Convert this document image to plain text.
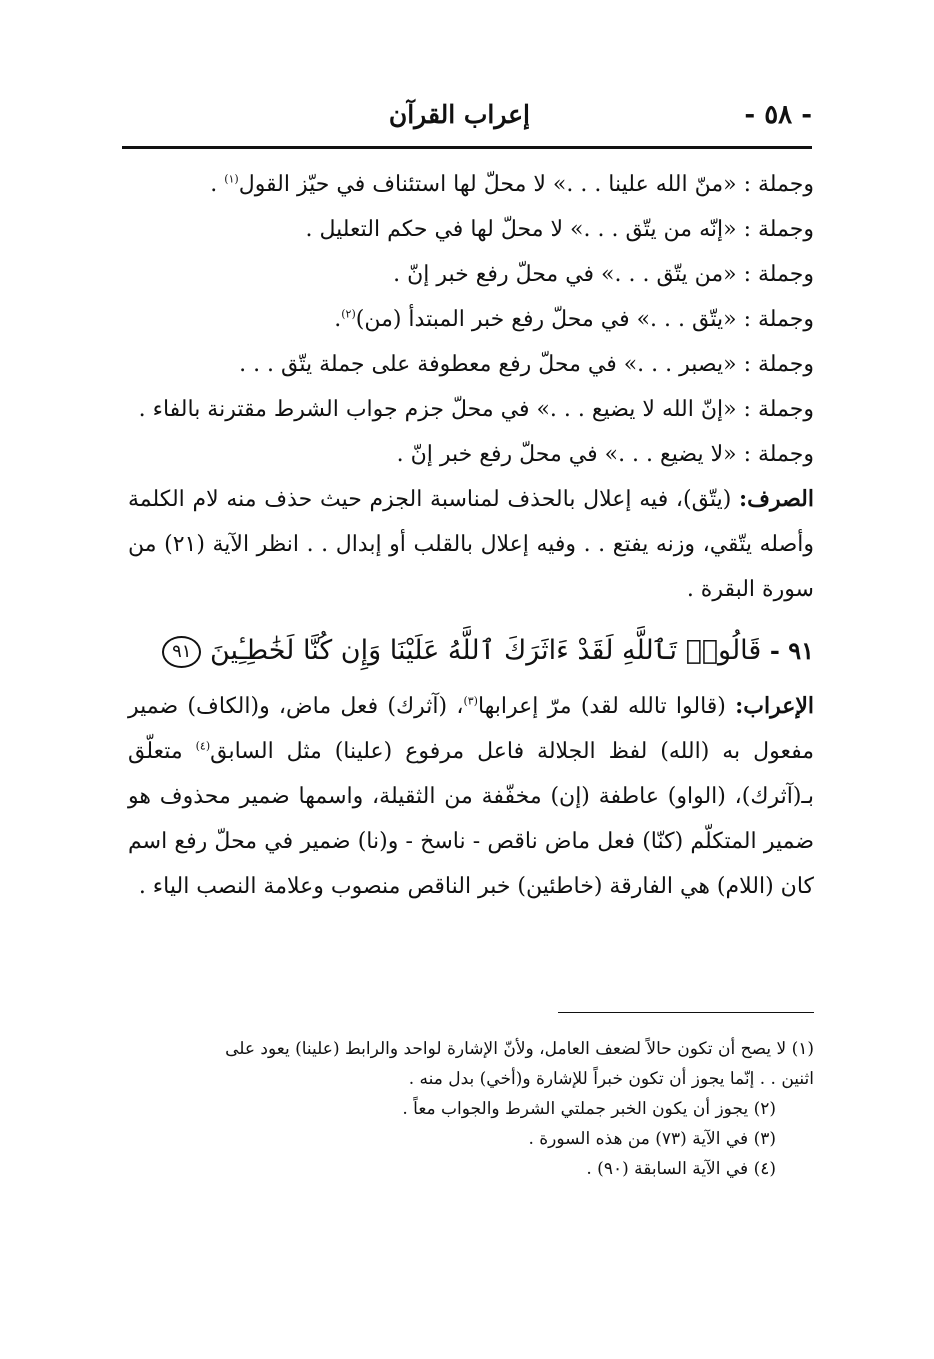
- ٥٨ -
إعراب القرآن
وجملة : «منّ الله علينا . . .» لا محلّ لها استئناف في حيّز القول$^{(١)}$ .
وجملة : «إنّه من يتّق . . .» لا محلّ لها في حكم التعليل .
وجملة : «من يتّق . . .» في محلّ رفع خبر إنّ .
وجملة : «يتّق . . .» في محلّ رفع خبر المبتدأ (من)$^{(٢)}$.
وجملة : «يصبر . . .» في محلّ رفع معطوفة على جملة يتّق . . .
وجملة : «إنّ الله لا يضيع . . .» في محلّ جزم جواب الشرط مقترنة بالفاء .
وجملة : «لا يضيع . . .» في محلّ رفع خبر إنّ .
الصرف: (يتّق)، فيه إعلال بالحذف لمناسبة الجزم حيث حذف منه لام الكلمة وأصله يتّقي، وزنه يفتع . . وفيه إعلال بالقلب أو إبدال . . انظر الآية (٢١) من سورة البقرة .
٩١ - قَالُوا۟ تَٱللَّهِ لَقَدْ ءَاثَرَكَ ٱللَّهُ عَلَيْنَا وَإِن كُنَّا لَخَٰطِـِٔينَ ٩١
الإعراب: (قالوا تالله لقد) مرّ إعرابها$^{(٣)}$، (آثرك) فعل ماض، و(الكاف) ضمير مفعول به (الله) لفظ الجلالة فاعل مرفوع (علينا) مثل السابق$^{(٤)}$ متعلّق بـ(آثرك)، (الواو) عاطفة (إن) مخفّفة من الثقيلة، واسمها ضمير محذوف هو ضمير المتكلّم (كنّا) فعل ماض ناقص - ناسخ - و(نا) ضمير في محلّ رفع اسم كان (اللام) هي الفارقة (خاطئين) خبر الناقص منصوب وعلامة النصب الياء .
(١) لا يصح أن تكون حالاً لضعف العامل، ولأنّ الإشارة لواحد والرابط (علينا) يعود على
اثنين . . إنّما يجوز أن تكون خبراً للإشارة و(أخي) بدل منه .
(٢) يجوز أن يكون الخبر جملتي الشرط والجواب معاً .
(٣) في الآية (٧٣) من هذه السورة .
(٤) في الآية السابقة (٩٠) .
